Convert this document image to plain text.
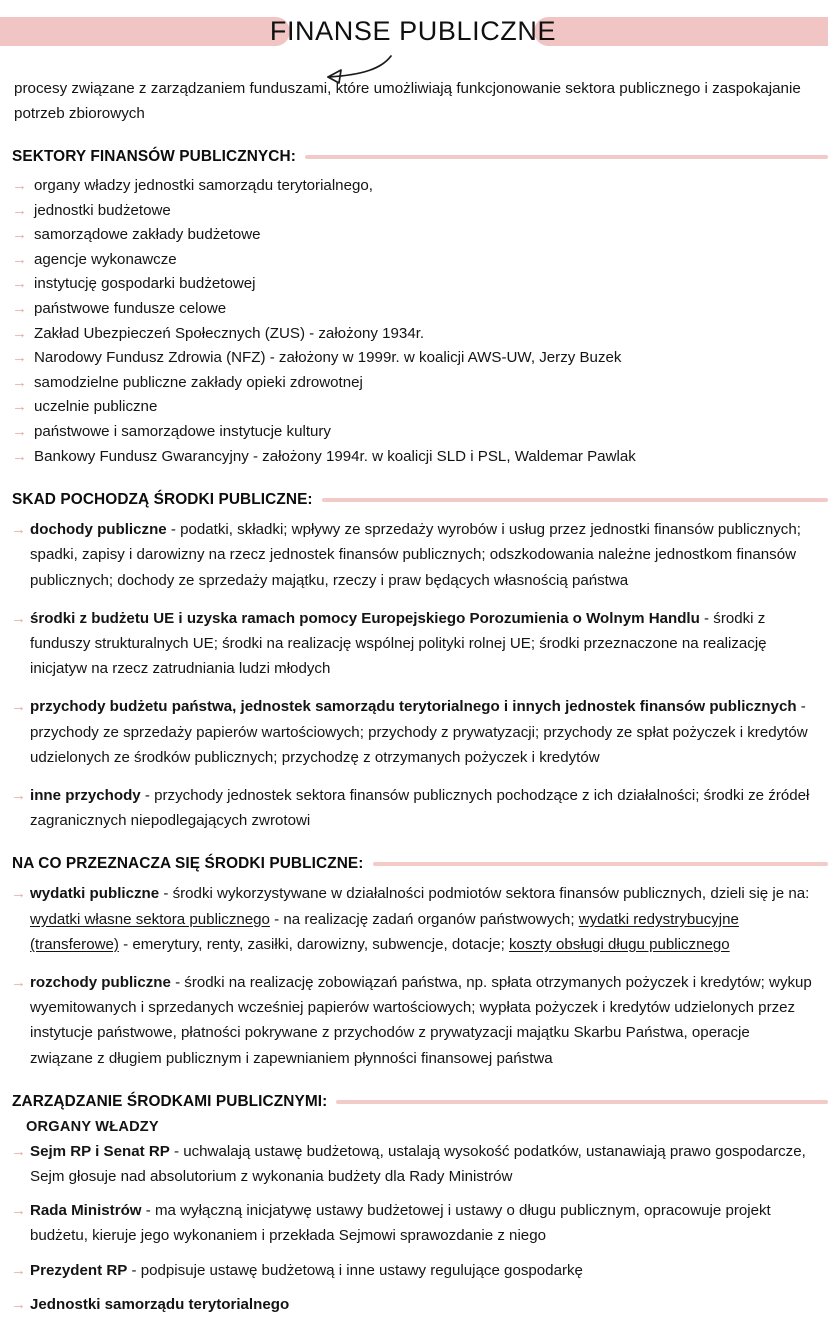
FINANSE PUBLICZNE
procesy związane z zarządzaniem funduszami, które umożliwiają funkcjonowanie sektora publicznego i zaspokajanie potrzeb zbiorowych
SEKTORY FINANSÓW PUBLICZNYCH:
→ organy władzy jednostki samorządu terytorialnego,
→ jednostki budżetowe
→ samorządowe zakłady budżetowe
→ agencje wykonawcze
→ instytucję gospodarki budżetowej
→ państwowe fundusze celowe
→ Zakład Ubezpieczeń Społecznych (ZUS) - założony 1934r.
→ Narodowy Fundusz Zdrowia (NFZ) - założony w 1999r. w koalicji AWS-UW, Jerzy Buzek
→ samodzielne publiczne zakłady opieki zdrowotnej
→ uczelnie publiczne
→ państwowe i samorządowe instytucje kultury
→ Bankowy Fundusz Gwarancyjny - założony 1994r. w koalicji SLD i PSL, Waldemar Pawlak
SKAD POCHODZĄ ŚRODKI PUBLICZNE:
→ dochody publiczne - podatki, składki; wpływy ze sprzedaży wyrobów i usług przez jednostki finansów publicznych; spadki, zapisy i darowizny na rzecz jednostek finansów publicznych; odszkodowania należne jednostkom finansów publicznych; dochody ze sprzedaży majątku, rzeczy i praw będących własnością państwa
→ środki z budżetu UE i uzyska ramach pomocy Europejskiego Porozumienia o Wolnym Handlu - środki z funduszy strukturalnych UE; środki na realizację wspólnej polityki rolnej UE; środki przeznaczone na realizację inicjatyw na rzecz zatrudniania ludzi młodych
→ przychody budżetu państwa, jednostek samorządu terytorialnego i innych jednostek finansów publicznych - przychody ze sprzedaży papierów wartościowych; przychody z prywatyzacji; przychody ze spłat pożyczek i kredytów udzielonych ze środków publicznych; przychodzę z otrzymanych pożyczek i kredytów
→ inne przychody - przychody jednostek sektora finansów publicznych pochodzące z ich działalności; środki ze źródeł zagranicznych niepodlegających zwrotowi
NA CO PRZEZNACZA SIĘ ŚRODKI PUBLICZNE:
→ wydatki publiczne - środki wykorzystywane w działalności podmiotów sektora finansów publicznych, dzieli się je na: wydatki własne sektora publicznego - na realizację zadań organów państwowych; wydatki redystrybucyjne (transferowe) - emerytury, renty, zasiłki, darowizny, subwencje, dotacje; koszty obsługi długu publicznego
→ rozchody publiczne - środki na realizację zobowiązań państwa, np. spłata otrzymanych pożyczek i kredytów; wykup wyemitowanych i sprzedanych wcześniej papierów wartościowych; wypłata pożyczek i kredytów udzielonych przez instytucje państwowe, płatności pokrywane z przychodów z prywatyzacji majątku Skarbu Państwa, operacje związane z długiem publicznym i zapewnianiem płynności finansowej państwa
ZARZĄDZANIE ŚRODKAMI PUBLICZNYMI:
ORGANY WŁADZY
→ Sejm RP i Senat RP - uchwalają ustawę budżetową, ustalają wysokość podatków, ustanawiają prawo gospodarcze, Sejm głosuje nad absolutorium z wykonania budżety dla Rady Ministrów
→ Rada Ministrów - ma wyłączną inicjatywę ustawy budżetowej i ustawy o długu publicznym, opracowuje projekt budżetu, kieruje jego wykonaniem i przekłada Sejmowi sprawozdanie z niego
→ Prezydent RP - podpisuje ustawę budżetową i inne ustawy regulujące gospodarkę
→ Jednostki samorządu terytorialnego
